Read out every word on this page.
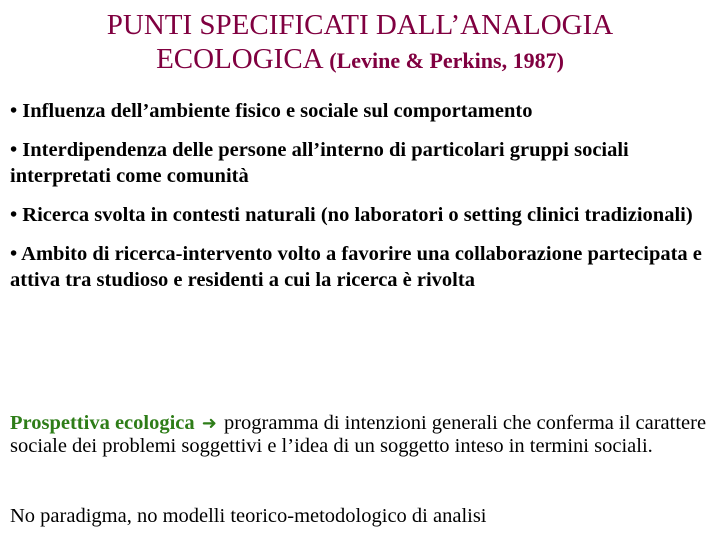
PUNTI SPECIFICATI DALL’ANALOGIA
ECOLOGICA (Levine & Perkins, 1987)

• Influenza dell’ambiente fisico e sociale sul comportamento

• Interdipendenza delle persone all’interno di particolari gruppi sociali interpretati come comunità

• Ricerca svolta in contesti naturali (no laboratori o setting clinici tradizionali)

• Ambito di ricerca-intervento volto a favorire una collaborazione partecipata e attiva tra studioso e residenti a cui la ricerca è rivolta

Prospettiva ecologica ➜ programma di intenzioni generali che conferma il carattere sociale dei problemi soggettivi e l’idea di un soggetto inteso in termini sociali.
No paradigma, no modelli teorico-metodologico di analisi
